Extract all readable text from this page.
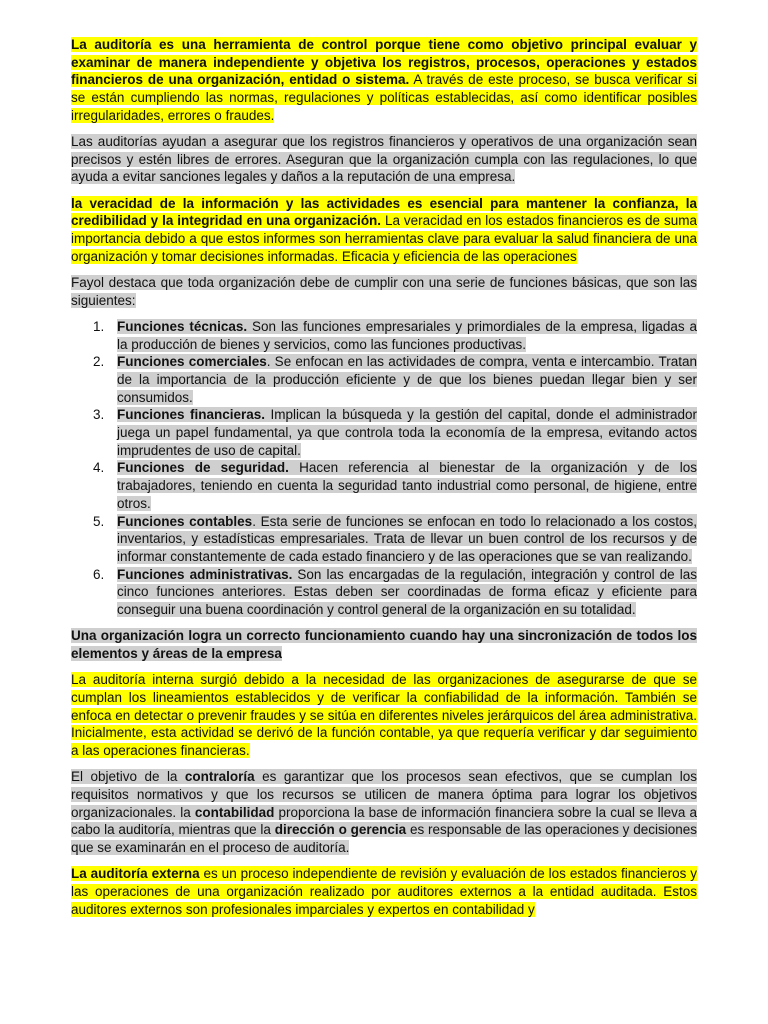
La auditoría es una herramienta de control porque tiene como objetivo principal evaluar y examinar de manera independiente y objetiva los registros, procesos, operaciones y estados financieros de una organización, entidad o sistema. A través de este proceso, se busca verificar si se están cumpliendo las normas, regulaciones y políticas establecidas, así como identificar posibles irregularidades, errores o fraudes.

Las auditorías ayudan a asegurar que los registros financieros y operativos de una organización sean precisos y estén libres de errores. Aseguran que la organización cumpla con las regulaciones, lo que ayuda a evitar sanciones legales y daños a la reputación de una empresa.

la veracidad de la información y las actividades es esencial para mantener la confianza, la credibilidad y la integridad en una organización. La veracidad en los estados financieros es de suma importancia debido a que estos informes son herramientas clave para evaluar la salud financiera de una organización y tomar decisiones informadas. Eficacia y eficiencia de las operaciones

Fayol destaca que toda organización debe de cumplir con una serie de funciones básicas, que son las siguientes:

1. Funciones técnicas. Son las funciones empresariales y primordiales de la empresa, ligadas a la producción de bienes y servicios, como las funciones productivas.
2. Funciones comerciales. Se enfocan en las actividades de compra, venta e intercambio. Tratan de la importancia de la producción eficiente y de que los bienes puedan llegar bien y ser consumidos.
3. Funciones financieras. Implican la búsqueda y la gestión del capital, donde el administrador juega un papel fundamental, ya que controla toda la economía de la empresa, evitando actos imprudentes de uso de capital.
4. Funciones de seguridad. Hacen referencia al bienestar de la organización y de los trabajadores, teniendo en cuenta la seguridad tanto industrial como personal, de higiene, entre otros.
5. Funciones contables. Esta serie de funciones se enfocan en todo lo relacionado a los costos, inventarios, y estadísticas empresariales. Trata de llevar un buen control de los recursos y de informar constantemente de cada estado financiero y de las operaciones que se van realizando.
6. Funciones administrativas. Son las encargadas de la regulación, integración y control de las cinco funciones anteriores. Estas deben ser coordinadas de forma eficaz y eficiente para conseguir una buena coordinación y control general de la organización en su totalidad.

Una organización logra un correcto funcionamiento cuando hay una sincronización de todos los elementos y áreas de la empresa

La auditoría interna surgió debido a la necesidad de las organizaciones de asegurarse de que se cumplan los lineamientos establecidos y de verificar la confiabilidad de la información. También se enfoca en detectar o prevenir fraudes y se sitúa en diferentes niveles jerárquicos del área administrativa. Inicialmente, esta actividad se derivó de la función contable, ya que requería verificar y dar seguimiento a las operaciones financieras.

El objetivo de la contraloría es garantizar que los procesos sean efectivos, que se cumplan los requisitos normativos y que los recursos se utilicen de manera óptima para lograr los objetivos organizacionales. la contabilidad proporciona la base de información financiera sobre la cual se lleva a cabo la auditoría, mientras que la dirección o gerencia es responsable de las operaciones y decisiones que se examinarán en el proceso de auditoría.

La auditoría externa es un proceso independiente de revisión y evaluación de los estados financieros y las operaciones de una organización realizado por auditores externos a la entidad auditada. Estos auditores externos son profesionales imparciales y expertos en contabilidad y
